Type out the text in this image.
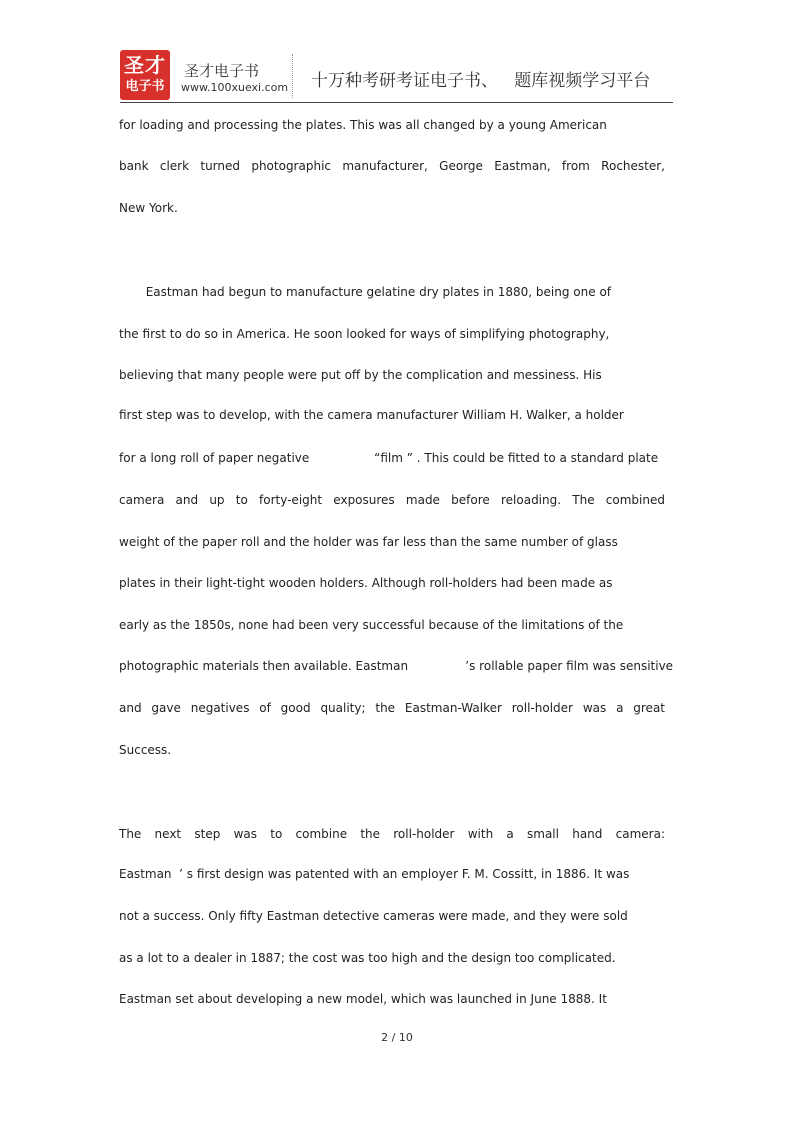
圣才
电子书
圣才电子书
www.100xuexi.com 十万种考研考证电子书、   题库视频学习平台
for loading and processing the plates. This was all changed by a young American
bank clerk turned photographic manufacturer, George Eastman, from Rochester,
New York.
Eastman had begun to manufacture gelatine dry plates in 1880, being one of
the first to do so in America. He soon looked for ways of simplifying photography,
believing that many people were put off by the complication and messiness. His
first step was to develop, with the camera manufacturer William H. Walker, a holder
for a long roll of paper negative                 “film ” . This could be fitted to a standard plate
camera and up to forty-eight exposures made before reloading. The combined
weight of the paper roll and the holder was far less than the same number of glass
plates in their light-tight wooden holders. Although roll-holders had been made as
early as the 1850s, none had been very successful because of the limitations of the
photographic materials then available. Eastman               ’s rollable paper film was sensitive
and gave negatives of good quality; the Eastman-Walker roll-holder was a great
Success.
The next step was to combine the roll-holder with a small hand camera:
Eastman  ’ s first design was patented with an employer F. M. Cossitt, in 1886. It was
not a success. Only fifty Eastman detective cameras were made, and they were sold
as a lot to a dealer in 1887; the cost was too high and the design too complicated.
Eastman set about developing a new model, which was launched in June 1888. It
2 / 10
